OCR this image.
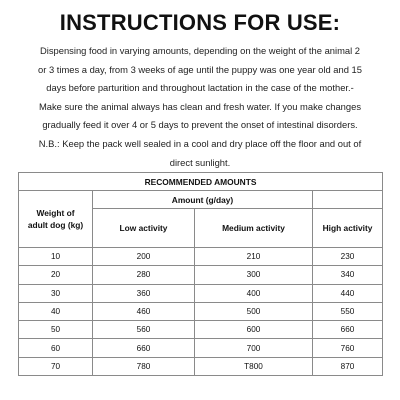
INSTRUCTIONS FOR USE:
Dispensing food in varying amounts, depending on the weight of the animal 2
or 3 times a day, from 3 weeks of age until the puppy was one year old and 15
days before parturition and throughout lactation in the case of the mother.-
Make sure the animal always has clean and fresh water. If you make changes
gradually feed it over 4 or 5 days to prevent the onset of intestinal disorders.
N.B.: Keep the pack well sealed in a cool and dry place off the floor and out of
direct sunlight.
RECOMMENDED AMOUNTS			

Weight of
adult dog (kg)	Amount (g/day)		
	Low activity	Medium activity	High activity
10	200	210	230
20	280	300	340
30	360	400	440
40	460	500	550
50	560	600	660
60	660	700	760
70	780	T800	870
